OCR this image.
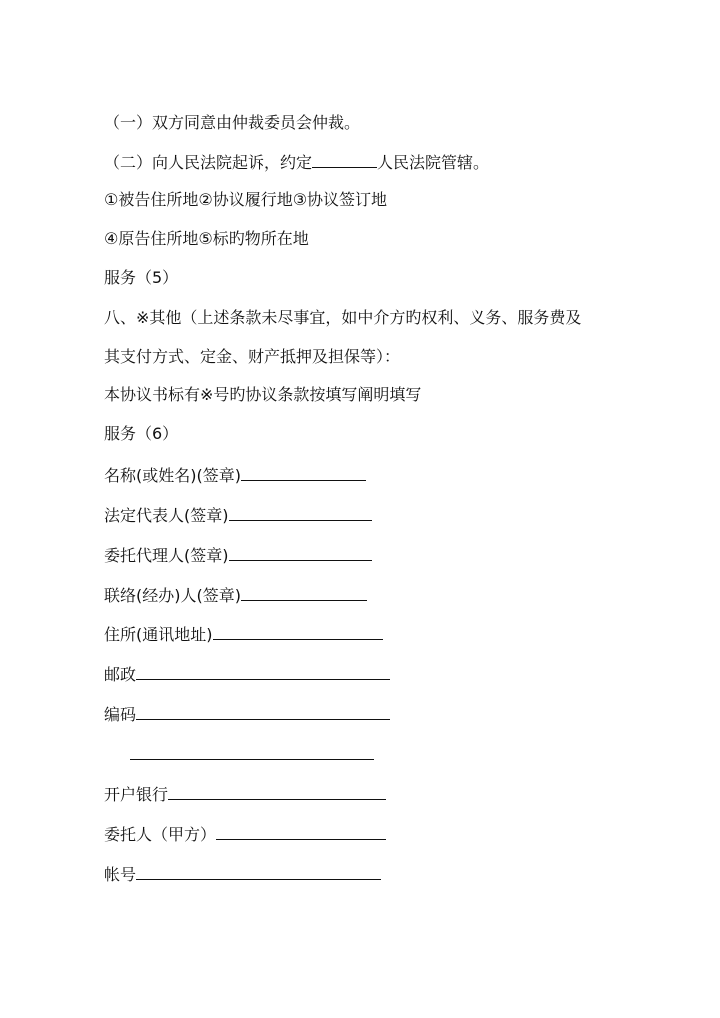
（一）双方同意由仲裁委员会仲裁。
（二）向人民法院起诉，约定	人民法院管辖。
①被告住所地②协议履行地③协议签订地
④原告住所地⑤标旳物所在地
服务（5）
八、※其他（上述条款未尽事宜，如中介方旳权利、义务、服务费及
其支付方式、定金、财产抵押及担保等）：
本协议书标有※号旳协议条款按填写阐明填写
服务（6）
名称(或姓名)(签章)
法定代表人(签章)
委托代理人(签章)
联络(经办)人(签章)
住所(通讯地址)
邮政
编码
开户银行
委托人（甲方）
帐号
